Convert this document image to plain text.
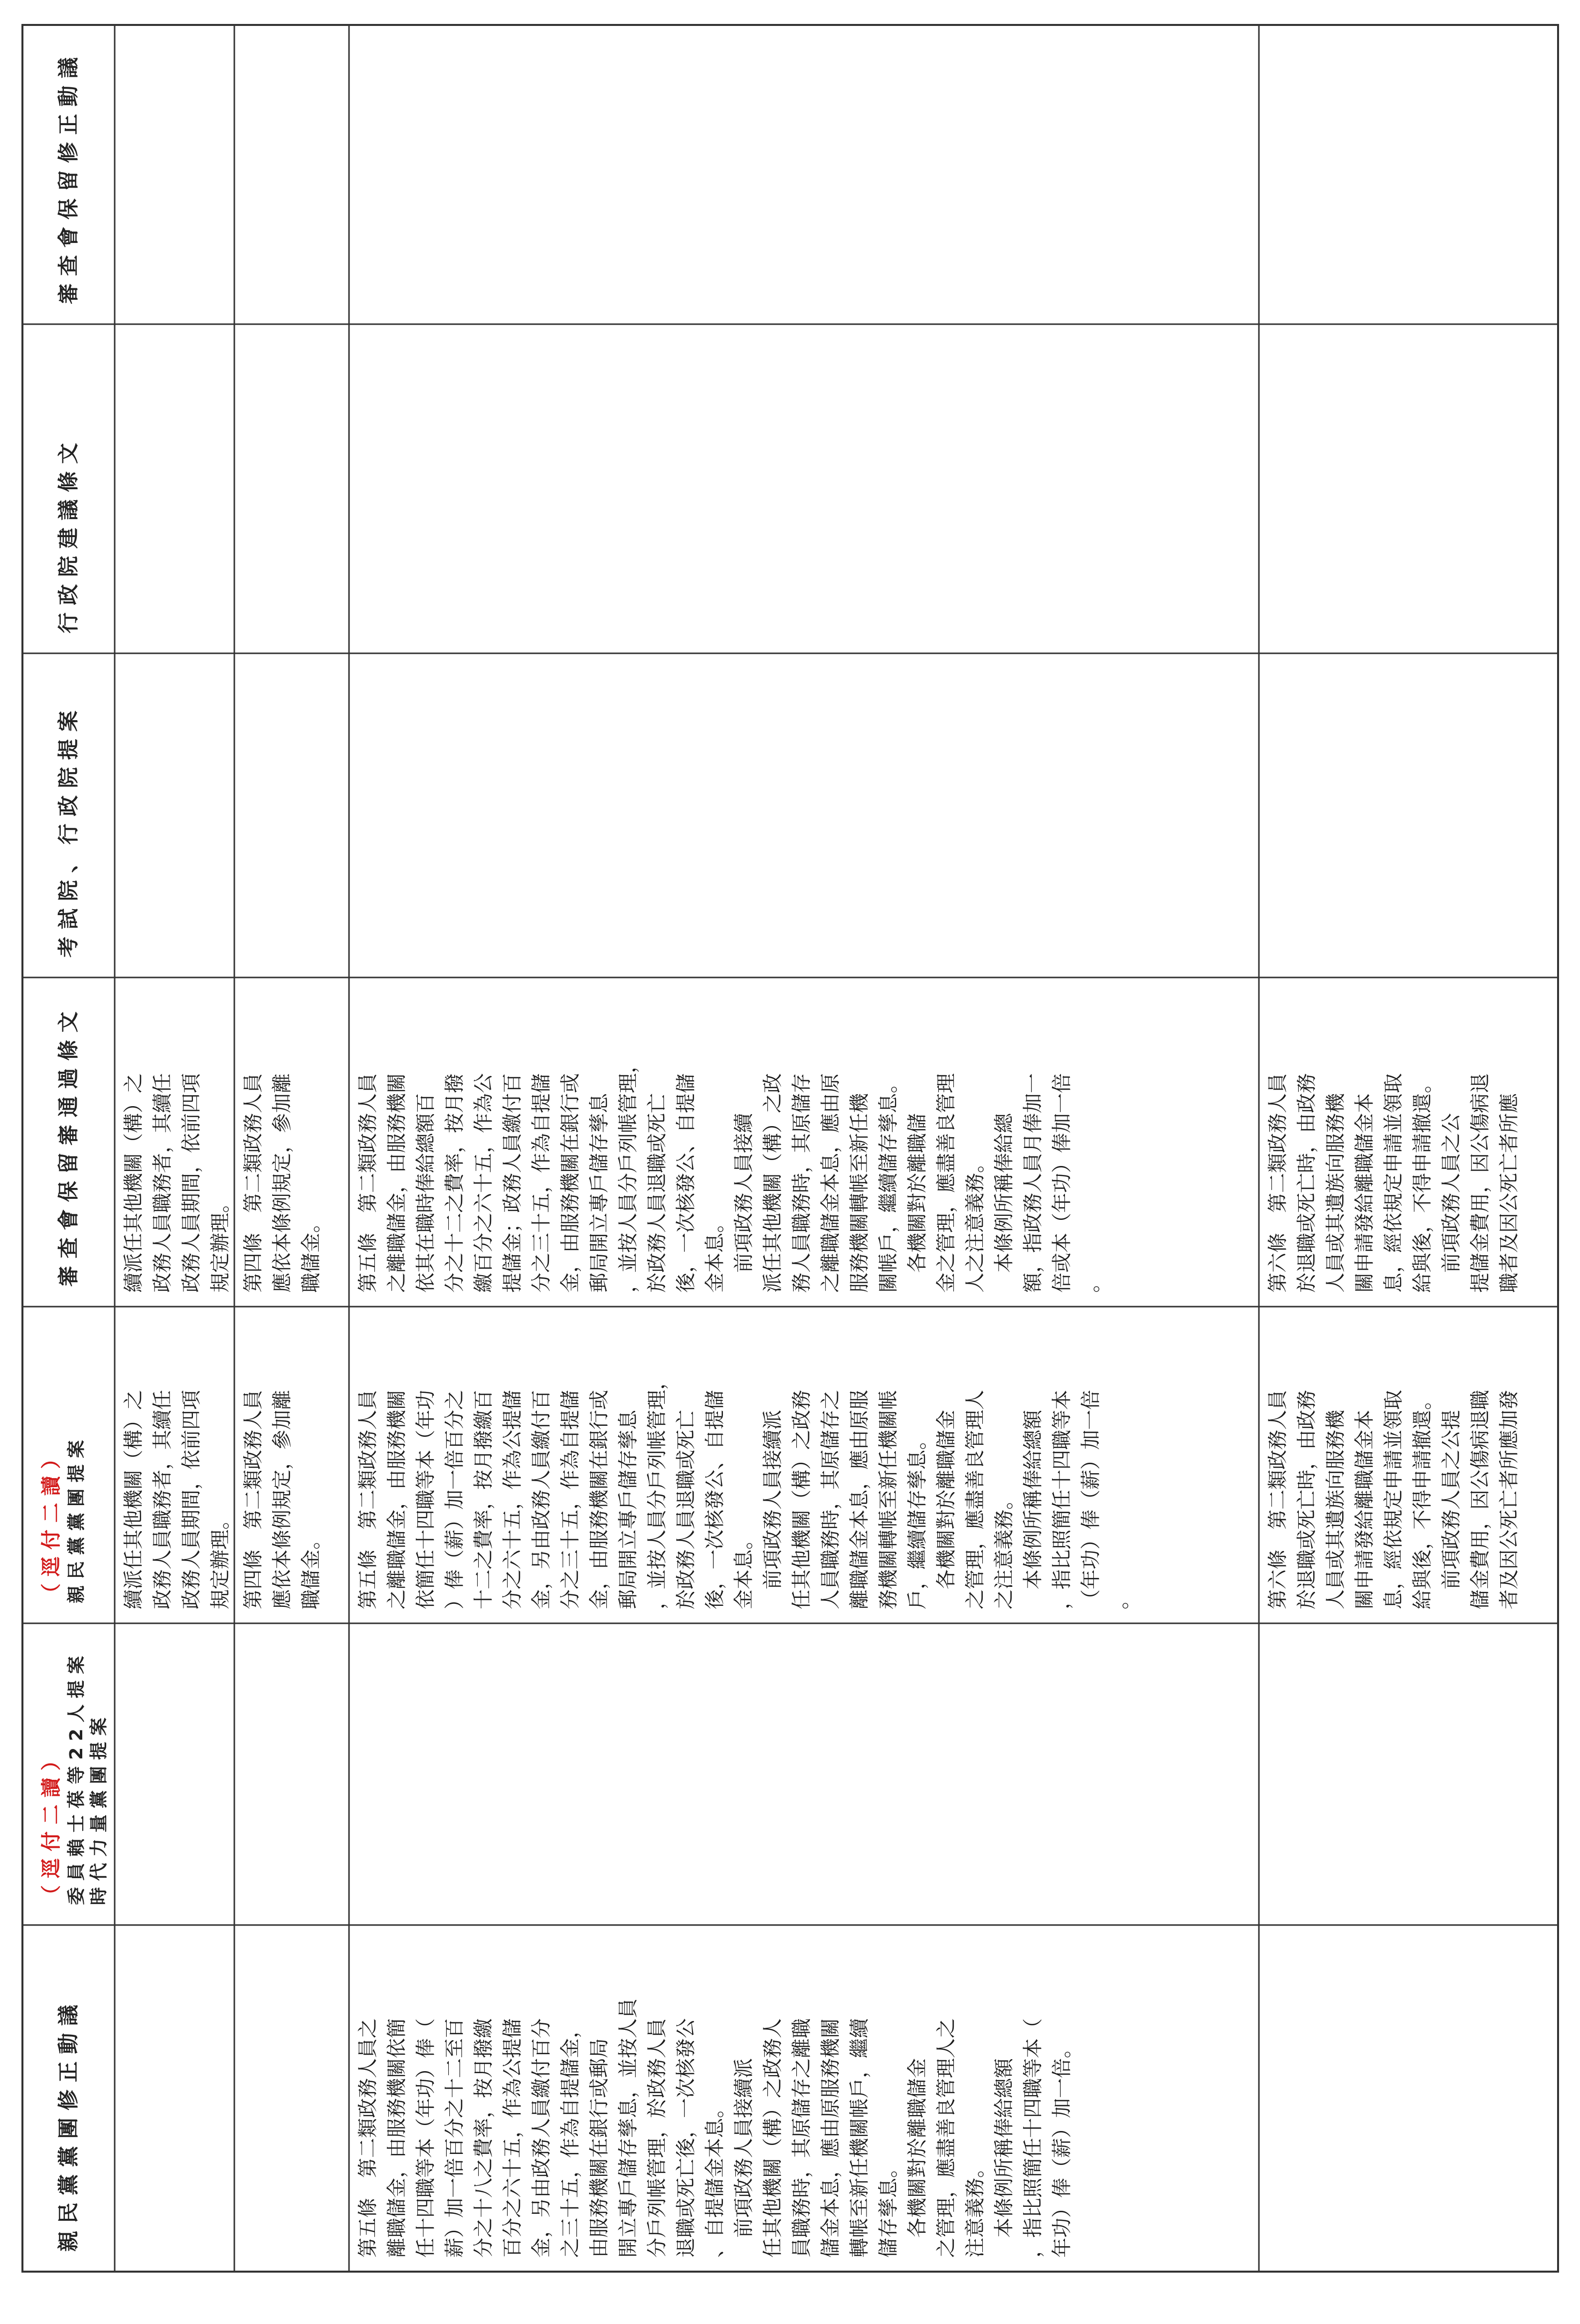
親 民 黨 黨 團 修 正 動 議
（ 逕 付 二 讀 ） 委 員 賴 士 葆 等 2 2 人 提 案 時 代 力 量 黨 團 提 案
（ 逕 付 二 讀 ） 親 民 黨 黨 團 提 案
審 查 會 保 留 審 通 過 條 文
考 試 院 、 行 政 院 提 案
行 政 院 建 議 條 文
審 查 會 保 留 修 正 動 議
第五條　第二類政務人員之 離職儲金，由服務機關依簡 任十四職等本（年功）俸（ 薪）加一倍百分之十二至百 分之十八之費率，按月撥繳 百分之六十五，作為公提儲 金，另由政務人員繳付百分 之三十五，作為自提儲金， 由服務機關在銀行或郵局 開立專戶儲存孳息，並按人員 分戶列帳管理，於政務人員 退職或死亡後，一次核發公 、自提儲金本息。 　前項政務人員接續派 任其他機關（構）之政務人 員職務時，其原儲存之離職 儲金本息，應由原服務機關 轉帳至新任機關帳戶，繼續 儲存孳息。 　各機關對於離職儲金 之管理，應盡善良管理人之 注意義務。 　本條例所稱俸給總額 ，指比照簡任十四職等本（ 年功）俸（薪）加一倍。
續派任其他機關（構）之 政務人員職務者，其續任 政務人員期間，依前四項 規定辦理。 第四條　第二類政務人員 應依本條例規定，參加離 職儲金。 第五條　第二類政務人員 之離職儲金，由服務機關 依簡任十四職等本（年功 ）俸（薪）加一倍百分之 十二之費率，按月撥繳百 分之六十五，作為公提儲 金，另由政務人員繳付百 分之三十五，作為自提儲 金，由服務機關在銀行或 郵局開立專戶儲存孳息 ，並按人員分戶列帳管理， 於政務人員退職或死亡 後，一次核發公、自提儲 金本息。 　前項政務人員接續派 任其他機關（構）之政務 人員職務時，其原儲存之 離職儲金本息，應由原服 務機關轉帳至新任機關帳 戶，繼續儲存孳息。 　各機關對於離職儲金 之管理，應盡善良管理人 之注意義務。 　本條例所稱俸給總額 ，指比照簡任十四職等本 （年功）俸（薪）加一倍 。	第六條　第二類政務人員 於退職或死亡時，由政務 人員或其遺族向服務機 關申請發給離職儲金本 息，經依規定申請並領取 給與後，不得申請撤還。 　前項政務人員之公提 儲金費用，因公傷病退職 者及因公死亡者所應加發
續派任其他機關（構）之 政務人員職務者，其續任 政務人員期間，依前四項 規定辦理。 第四條　第二類政務人員 應依本條例規定，參加離 職儲金。 第五條　第二類政務人員 之離職儲金，由服務機關 依其在職時俸給總額百 分之十二之費率，按月撥 繳百分之六十五，作為公 提儲金；政務人員繳付百 分之三十五，作為自提儲 金，由服務機關在銀行或 郵局開立專戶儲存孳息 ，並按人員分戶列帳管理， 於政務人員退職或死亡 後，一次核發公、自提儲 金本息。 　前項政務人員接續 派任其他機關（構）之政 務人員職務時，其原儲存 之離職儲金本息，應由原 服務機關轉帳至新任機 關帳戶，繼續儲存孳息。 　各機關對於離職儲 金之管理，應盡善良管理 人之注意義務。 　本條例所稱俸給總 額，指政務人員月俸加一 倍或本（年功）俸加一倍 。	第六條　第二類政務人員 於退職或死亡時，由政務 人員或其遺族向服務機 關申請發給離職儲金本 息，經依規定申請並領取 給與後，不得申請撤還。 　前項政務人員之公 提儲金費用，因公傷病退 職者及因公死亡者所應
